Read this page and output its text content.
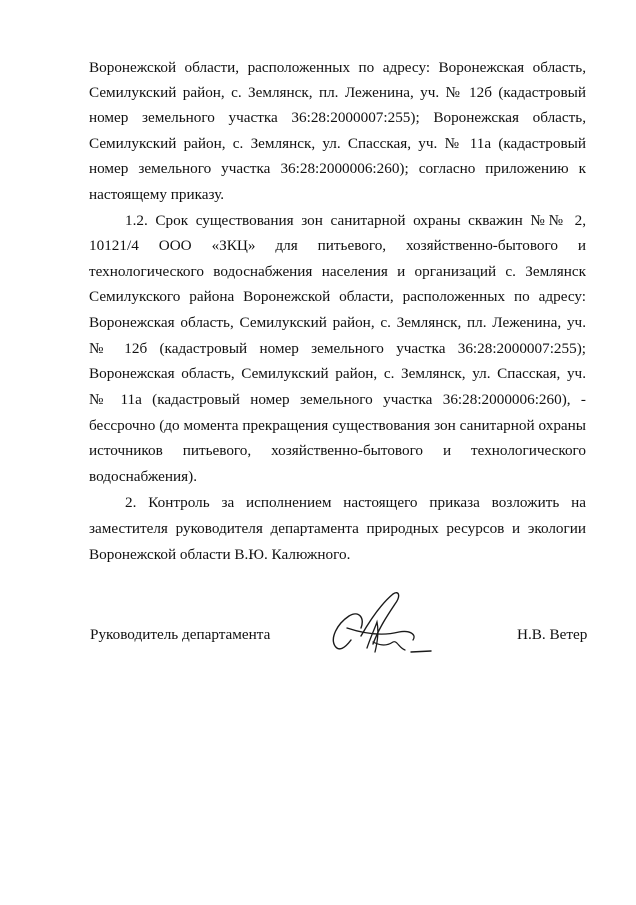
Воронежской области, расположенных по адресу: Воронежская область,
Семилукский район, с. Землянск, пл. Леженина, уч. № 12б (кадастровый
номер земельного участка 36:28:2000007:255); Воронежская область,
Семилукский район, с. Землянск, ул. Спасская, уч. № 11а (кадастровый
номер земельного участка 36:28:2000006:260); согласно приложению к
настоящему приказу.
1.2. Срок существования зон санитарной охраны скважин №№ 2,
10121/4 ООО «ЗКЦ» для питьевого, хозяйственно-бытового и
технологического водоснабжения населения и организаций с. Землянск
Семилукского района Воронежской области, расположенных по адресу:
Воронежская область, Семилукский район, с. Землянск, пл. Леженина, уч.
№ 12б (кадастровый номер земельного участка 36:28:2000007:255);
Воронежская область, Семилукский район, с. Землянск, ул. Спасская, уч.
№ 11а (кадастровый номер земельного участка 36:28:2000006:260), -
бессрочно (до момента прекращения существования зон санитарной охраны
источников питьевого, хозяйственно-бытового и технологического
водоснабжения).
2. Контроль за исполнением настоящего приказа возложить на
заместителя руководителя департамента природных ресурсов и экологии
Воронежской области В.Ю. Калюжного.
Руководитель департамента	Н.В. Ветер
